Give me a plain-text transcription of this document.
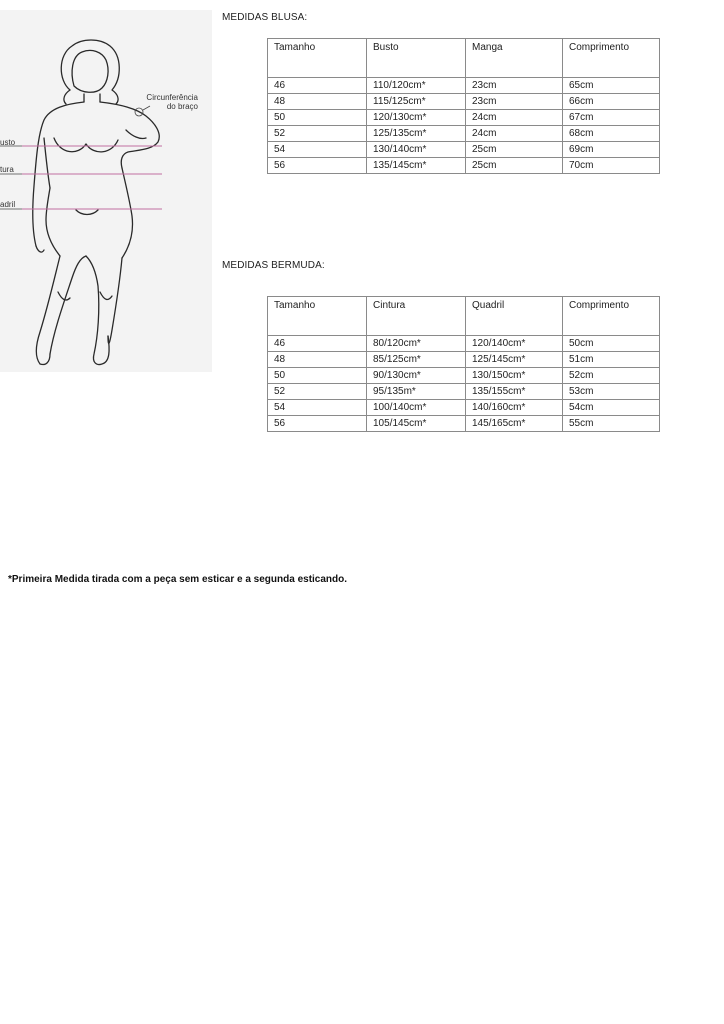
usto
tura
adril
Circunferência
do braço
MEDIDAS BLUSA:
Tamanho	Busto	Manga	Comprimento
46	110/120cm*	23cm	65cm
48	115/125cm*	23cm	66cm
50	120/130cm*	24cm	67cm
52	125/135cm*	24cm	68cm
54	130/140cm*	25cm	69cm
56	135/145cm*	25cm	70cm
MEDIDAS BERMUDA:
Tamanho	Cintura	Quadril	Comprimento
46	80/120cm*	120/140cm*	50cm
48	85/125cm*	125/145cm*	51cm
50	90/130cm*	130/150cm*	52cm
52	95/135m*	135/155cm*	53cm
54	100/140cm*	140/160cm*	54cm
56	105/145cm*	145/165cm*	55cm
*Primeira Medida tirada com a peça sem esticar e a segunda esticando.
